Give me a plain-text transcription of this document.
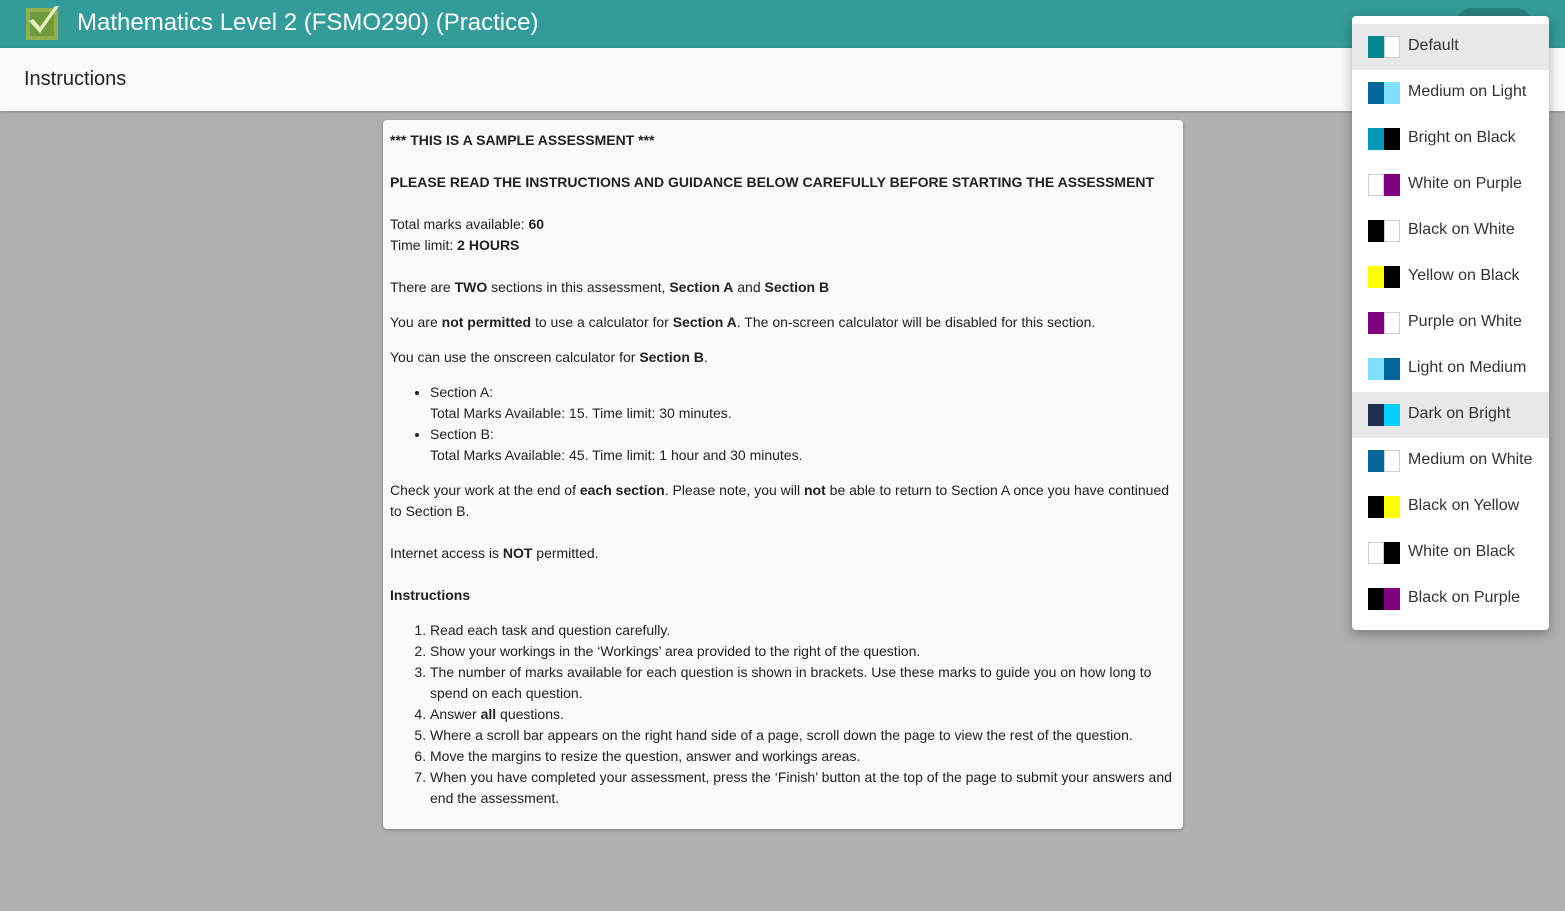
Mathematics Level 2 (FSMO290) (Practice)
Instructions

*** THIS IS A SAMPLE ASSESSMENT ***

PLEASE READ THE INSTRUCTIONS AND GUIDANCE BELOW CAREFULLY BEFORE STARTING THE ASSESSMENT

Total marks available: 60

Time limit: 2 HOURS

There are TWO sections in this assessment, Section A and Section B

You are not permitted to use a calculator for Section A. The on-screen calculator will be disabled for this section.

You can use the onscreen calculator for Section B.

• Section A:
Total Marks Available: 15. Time limit: 30 minutes.
• Section B:
Total Marks Available: 45. Time limit: 1 hour and 30 minutes.

Check your work at the end of each section. Please note, you will not be able to return to Section A once you have continued to Section B.

Internet access is NOT permitted.

Instructions

1. Read each task and question carefully.
2. Show your workings in the ‘Workings’ area provided to the right of the question.
3. The number of marks available for each question is shown in brackets. Use these marks to guide you on how long to spend on each question.
4. Answer all questions.
5. Where a scroll bar appears on the right hand side of a page, scroll down the page to view the rest of the question.
6. Move the margins to resize the question, answer and workings areas.
7. When you have completed your assessment, press the ‘Finish’ button at the top of the page to submit your answers and end the assessment.
Default
Medium on Light
Bright on Black
White on Purple
Black on White
Yellow on Black
Purple on White
Light on Medium
Dark on Bright
Medium on White
Black on Yellow
White on Black
Black on Purple
